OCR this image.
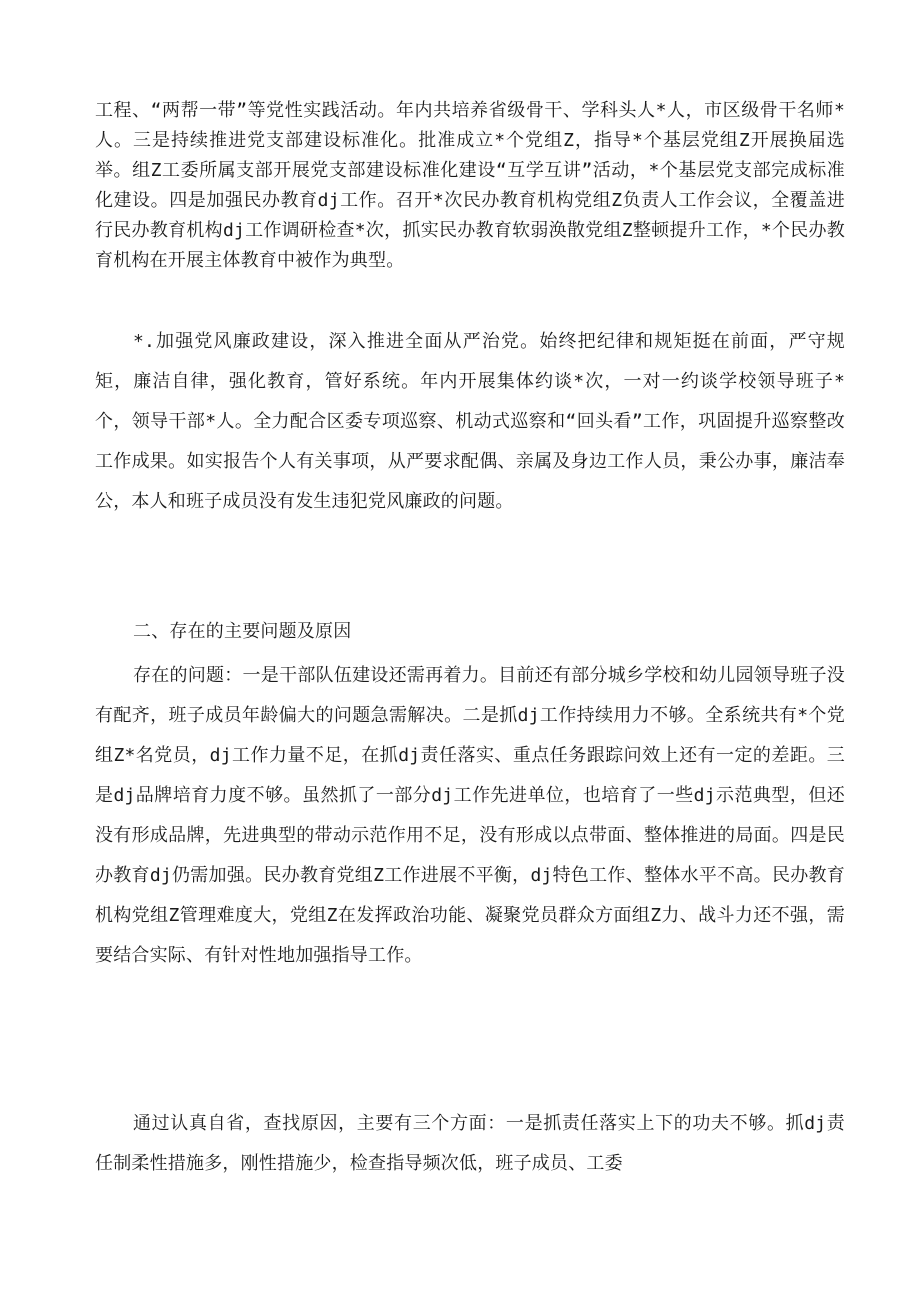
工程、“两帮一带”等党性实践活动。年内共培养省级骨干、学科头人*人，市区级骨干名师*人。三是持续推进党支部建设标准化。批准成立*个党组Z，指导*个基层党组Z开展换届选举。组Z工委所属支部开展党支部建设标准化建设“互学互讲”活动，*个基层党支部完成标准化建设。四是加强民办教育dj工作。召开*次民办教育机构党组Z负责人工作会议，全覆盖进行民办教育机构dj工作调研检查*次，抓实民办教育软弱涣散党组Z整顿提升工作，*个民办教育机构在开展主体教育中被作为典型。

*.加强党风廉政建设，深入推进全面从严治党。始终把纪律和规矩挺在前面，严守规矩，廉洁自律，强化教育，管好系统。年内开展集体约谈*次，一对一约谈学校领导班子*个，领导干部*人。全力配合区委专项巡察、机动式巡察和“回头看”工作，巩固提升巡察整改工作成果。如实报告个人有关事项，从严要求配偶、亲属及身边工作人员，秉公办事，廉洁奉公，本人和班子成员没有发生违犯党风廉政的问题。

二、存在的主要问题及原因

存在的问题：一是干部队伍建设还需再着力。目前还有部分城乡学校和幼儿园领导班子没有配齐，班子成员年龄偏大的问题急需解决。二是抓dj工作持续用力不够。全系统共有*个党组Z*名党员，dj工作力量不足，在抓dj责任落实、重点任务跟踪问效上还有一定的差距。三是dj品牌培育力度不够。虽然抓了一部分dj工作先进单位，也培育了一些dj示范典型，但还没有形成品牌，先进典型的带动示范作用不足，没有形成以点带面、整体推进的局面。四是民办教育dj仍需加强。民办教育党组Z工作进展不平衡，dj特色工作、整体水平不高。民办教育机构党组Z管理难度大，党组Z在发挥政治功能、凝聚党员群众方面组Z力、战斗力还不强，需要结合实际、有针对性地加强指导工作。

通过认真自省，查找原因，主要有三个方面：一是抓责任落实上下的功夫不够。抓dj责任制柔性措施多，刚性措施少，检查指导频次低，班子成员、工委
